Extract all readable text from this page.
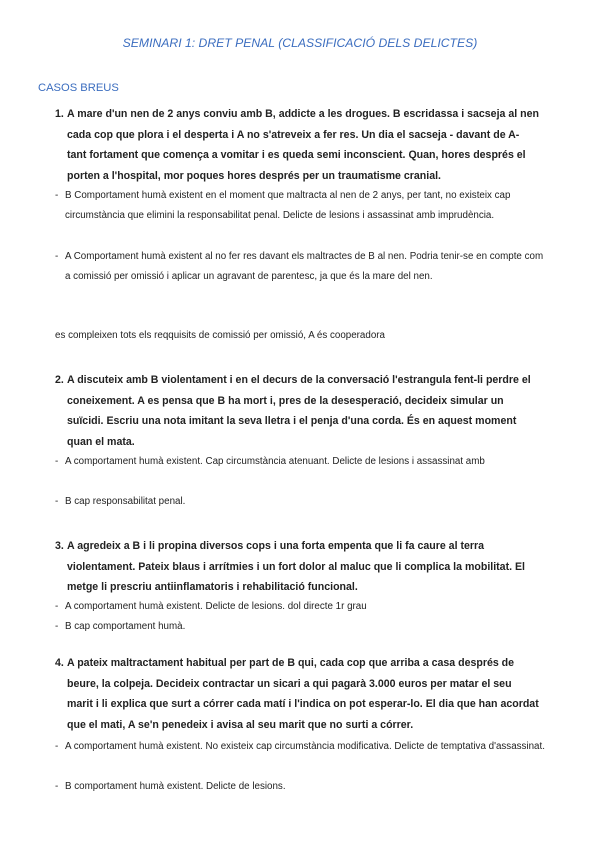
SEMINARI 1: DRET PENAL (CLASSIFICACIÓ DELS DELICTES)
CASOS BREUS
1. A mare d'un nen de 2 anys conviu amb B, addicte a les drogues. B escridassa i sacseja al nen cada cop que plora i el desperta i A no s'atreveix a fer res. Un dia el sacseja - davant de A- tant fortament que comença a vomitar i es queda semi inconscient. Quan, hores després el porten a l'hospital, mor poques hores després per un traumatisme cranial.
- B Comportament humà existent en el moment que maltracta al nen de 2 anys, per tant, no existeix cap circumstància que elimini la responsabilitat penal. Delicte de lesions i assassinat amb imprudència.
- A Comportament humà existent al no fer res davant els maltractes de B al nen. Podria tenir-se en compte com a comissió per omissió i aplicar un agravant de parentesc, ja que és la mare del nen.
es compleixen tots els reqquisits de comissió per omissió, A és cooperadora
2. A discuteix amb B violentament i en el decurs de la conversació l'estrangula fent-li perdre el coneixement. A es pensa que B ha mort i, pres de la desesperació, decideix simular un suïcidi. Escriu una nota imitant la seva lletra i el penja d'una corda. És en aquest moment quan el mata.
- A comportament humà existent. Cap circumstància atenuant. Delicte de lesions i assassinat amb
- B cap responsabilitat penal.
3. A agredeix a B i li propina diversos cops i una forta empenta que li fa caure al terra violentament. Pateix blaus i arrítmies i un fort dolor al maluc que li complica la mobilitat. El metge li prescriu antiinflamatoris i rehabilitació funcional.
- A comportament humà existent. Delicte de lesions. dol directe 1r grau
- B cap comportament humà.
4. A pateix maltractament habitual per part de B qui, cada cop que arriba a casa després de beure, la colpeja. Decideix contractar un sicari a qui pagarà 3.000 euros per matar el seu marit i li explica que surt a córrer cada matí i l'indica on pot esperar-lo. El dia que han acordat que el mati, A se'n penedeix i avisa al seu marit que no surti a córrer.
- A comportament humà existent. No existeix cap circumstància modificativa. Delicte de temptativa d'assassinat.
- B comportament humà existent. Delicte de lesions.
